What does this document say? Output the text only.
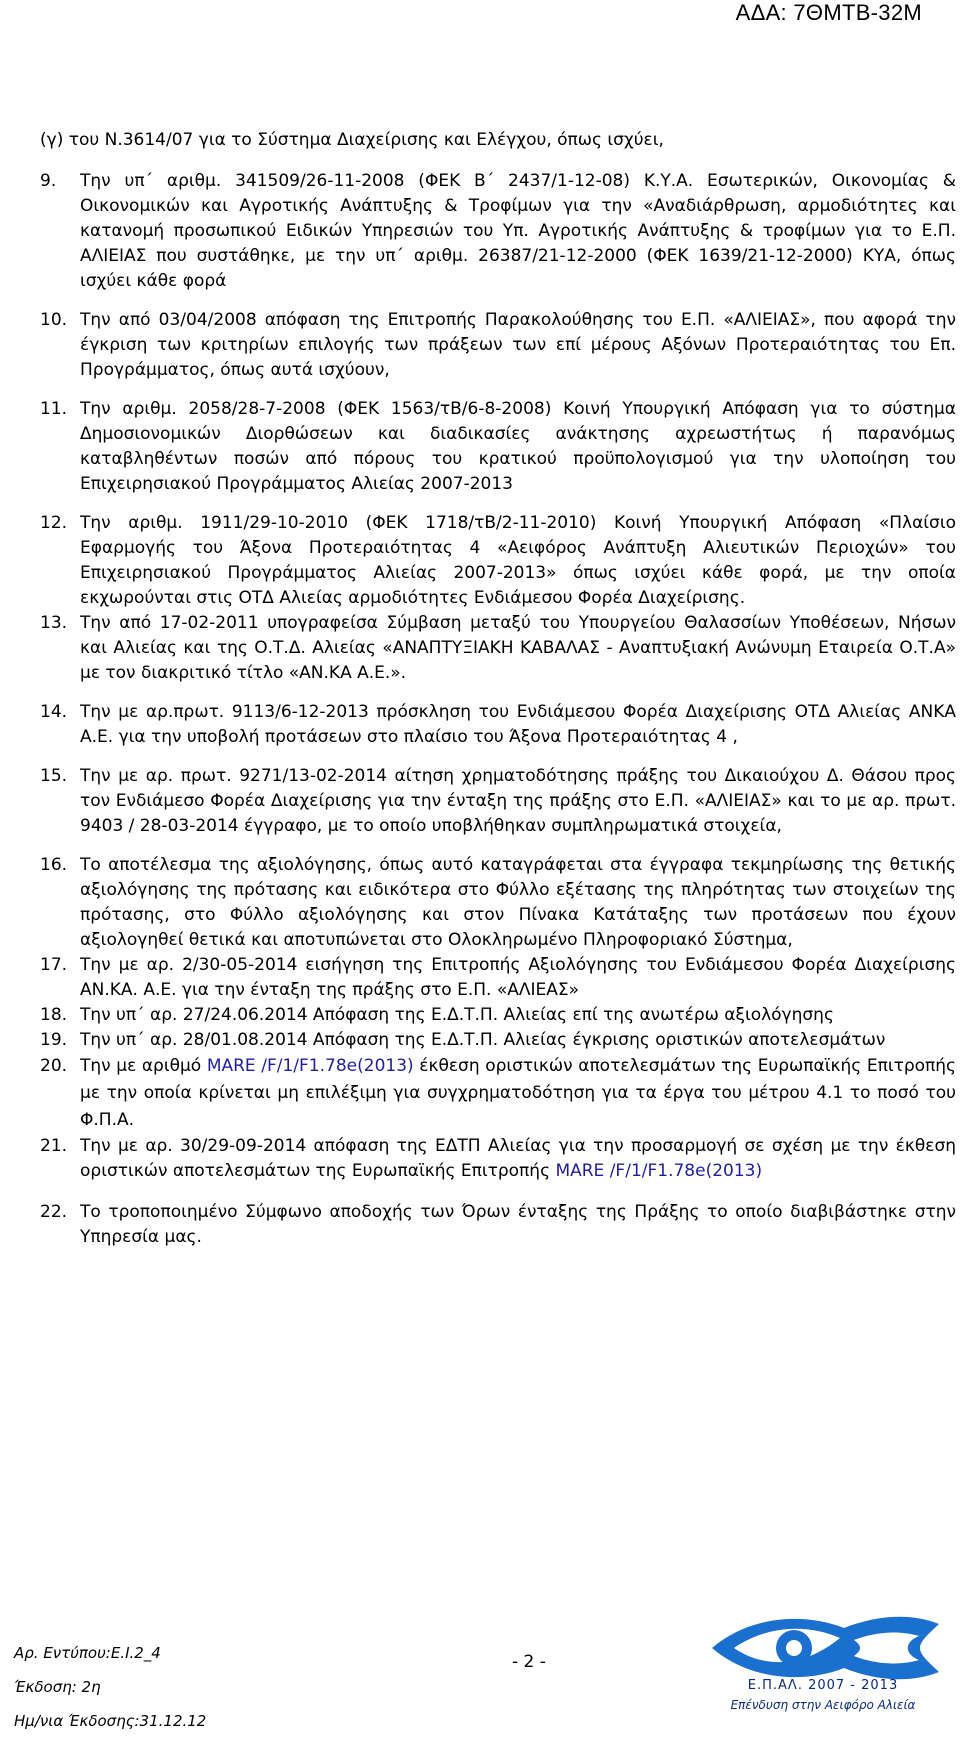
ΑΔΑ: 7ΘΜΤΒ-32Μ

(γ) του Ν.3614/07 για το Σύστημα Διαχείρισης και Ελέγχου, όπως ισχύει,

9. Την υπ΄ αριθμ. 341509/26-11-2008 (ΦΕΚ Β΄ 2437/1-12-08) Κ.Υ.Α. Εσωτερικών, Οικονομίας & Οικονομικών και Αγροτικής Ανάπτυξης & Τροφίμων για την «Αναδιάρθρωση, αρμοδιότητες και κατανομή προσωπικού Ειδικών Υπηρεσιών του Υπ. Αγροτικής Ανάπτυξης & τροφίμων για το Ε.Π. ΑΛΙΕΙΑΣ που συστάθηκε, με την υπ΄ αριθμ. 26387/21-12-2000 (ΦΕΚ 1639/21-12-2000) ΚΥΑ, όπως ισχύει κάθε φορά
10. Την από 03/04/2008 απόφαση της Επιτροπής Παρακολούθησης του Ε.Π. «ΑΛΙΕΙΑΣ», που αφορά την έγκριση των κριτηρίων επιλογής των πράξεων των επί μέρους Αξόνων Προτεραιότητας του Επ. Προγράμματος, όπως αυτά ισχύουν,
11. Την αριθμ. 2058/28-7-2008 (ΦΕΚ 1563/τΒ/6-8-2008) Κοινή Υπουργική Απόφαση για το σύστημα Δημοσιονομικών Διορθώσεων και διαδικασίες ανάκτησης αχρεωστήτως ή παρανόμως καταβληθέντων ποσών από πόρους του κρατικού προϋπολογισμού για την υλοποίηση του Επιχειρησιακού Προγράμματος Αλιείας 2007-2013
12. Την αριθμ. 1911/29-10-2010 (ΦΕΚ 1718/τΒ/2-11-2010) Κοινή Υπουργική Απόφαση «Πλαίσιο Εφαρμογής του Άξονα Προτεραιότητας 4 «Αειφόρος Ανάπτυξη Αλιευτικών Περιοχών» του Επιχειρησιακού Προγράμματος Αλιείας 2007-2013» όπως ισχύει κάθε φορά, με την οποία εκχωρούνται στις ΟΤΔ Αλιείας αρμοδιότητες Ενδιάμεσου Φορέα Διαχείρισης.
13. Την από 17-02-2011 υπογραφείσα Σύμβαση μεταξύ του Υπουργείου Θαλασσίων Υποθέσεων, Νήσων και Αλιείας και της Ο.Τ.Δ. Αλιείας «ΑΝΑΠΤΥΞΙΑΚΗ ΚΑΒΑΛΑΣ - Αναπτυξιακή Ανώνυμη Εταιρεία Ο.Τ.Α» με τον διακριτικό τίτλο «ΑΝ.ΚΑ Α.Ε.».
14. Την με αρ.πρωτ. 9113/6-12-2013 πρόσκληση του Ενδιάμεσου Φορέα Διαχείρισης ΟΤΔ Αλιείας ΑΝΚΑ Α.Ε. για την υποβολή προτάσεων στο πλαίσιο του Άξονα Προτεραιότητας 4 ,
15. Την με αρ. πρωτ. 9271/13-02-2014 αίτηση χρηματοδότησης πράξης του Δικαιούχου Δ. Θάσου προς τον Ενδιάμεσο Φορέα Διαχείρισης για την ένταξη της πράξης στο Ε.Π. «ΑΛΙΕΙΑΣ» και το με αρ. πρωτ. 9403 / 28-03-2014 έγγραφο, με το οποίο υποβλήθηκαν συμπληρωματικά στοιχεία,
16. Το αποτέλεσμα της αξιολόγησης, όπως αυτό καταγράφεται στα έγγραφα τεκμηρίωσης της θετικής αξιολόγησης της πρότασης και ειδικότερα στο Φύλλο εξέτασης της πληρότητας των στοιχείων της πρότασης, στο Φύλλο αξιολόγησης και στον Πίνακα Κατάταξης των προτάσεων που έχουν αξιολογηθεί θετικά και αποτυπώνεται στο Ολοκληρωμένο Πληροφοριακό Σύστημα,
17. Την με αρ. 2/30-05-2014 εισήγηση της Επιτροπής Αξιολόγησης του Ενδιάμεσου Φορέα Διαχείρισης ΑΝ.ΚΑ. Α.Ε. για την ένταξη της πράξης στο Ε.Π. «ΑΛΙΕΑΣ»
18. Την υπ΄ αρ. 27/24.06.2014 Απόφαση της Ε.Δ.Τ.Π. Αλιείας επί της ανωτέρω αξιολόγησης
19. Την υπ΄ αρ. 28/01.08.2014 Απόφαση της Ε.Δ.Τ.Π. Αλιείας έγκρισης οριστικών αποτελεσμάτων
20. Την με αριθμό MARE /F/1/F1.78e(2013) έκθεση οριστικών αποτελεσμάτων της Ευρωπαϊκής Επιτροπής με την οποία κρίνεται μη επιλέξιμη για συγχρηματοδότηση για τα έργα του μέτρου 4.1 το ποσό του Φ.Π.Α.
21. Την με αρ. 30/29-09-2014 απόφαση της ΕΔΤΠ Αλιείας για την προσαρμογή σε σχέση με την έκθεση οριστικών αποτελεσμάτων της Ευρωπαϊκής Επιτροπής MARE /F/1/F1.78e(2013)
22. Το τροποποιημένο Σύμφωνο αποδοχής των Όρων ένταξης της Πράξης το οποίο διαβιβάστηκε στην Υπηρεσία μας.
Αρ. Εντύπου:Ε.Ι.2_4
Έκδοση: 2η
Ημ/νια Έκδοσης:31.12.12
- 2 -
Ε.Π.ΑΛ. 2007 - 2013
Επένδυση στην Αειφόρο Αλιεία
